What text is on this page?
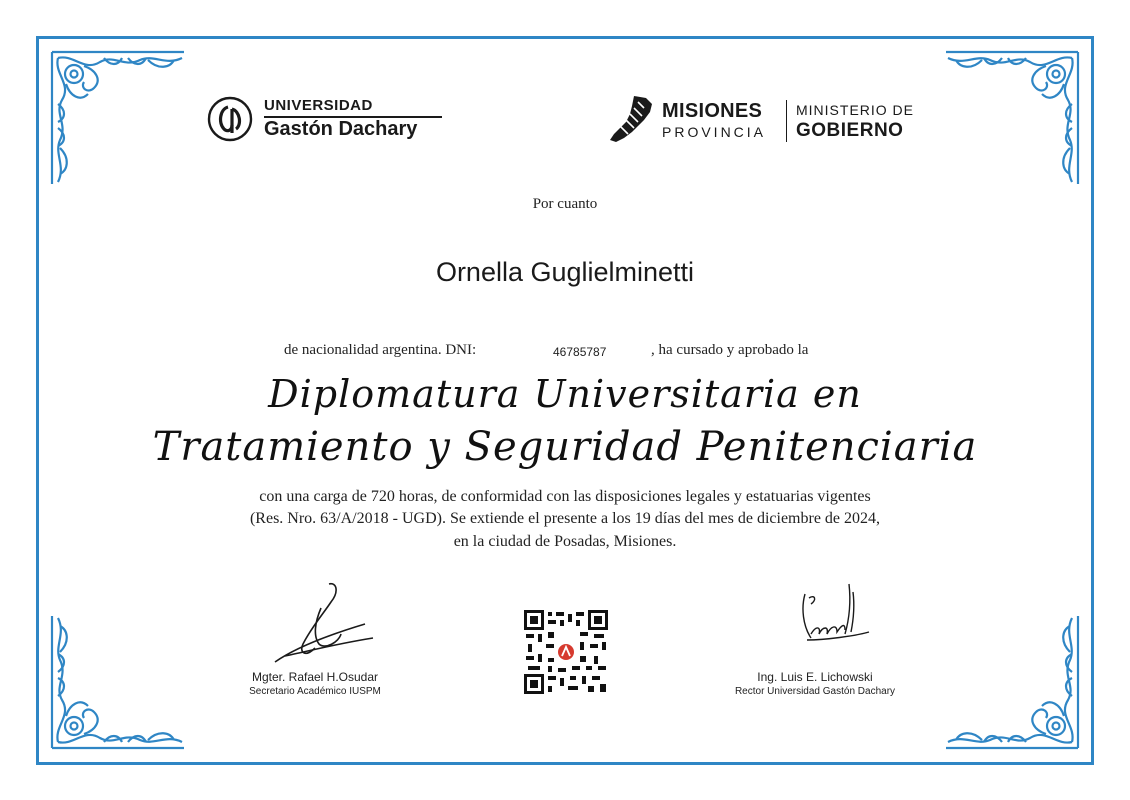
UNIVERSIDAD
Gastón Dachary
MISIONES
PROVINCIA
MINISTERIO DE
GOBIERNO
Por cuanto
Ornella Guglielminetti
de nacionalidad argentina. DNI:	46785787	, ha cursado y aprobado la
Diplomatura Universitaria en
Tratamiento y Seguridad Penitenciaria
con una carga de 720 horas, de conformidad con las disposiciones legales y estatuarias vigentes
(Res. Nro. 63/A/2018 - UGD). Se extiende el presente a los 19 días del mes de diciembre de 2024,
en la ciudad de Posadas, Misiones.
Mgter. Rafael H.Osudar
Secretario Académico IUSPM
Ing. Luis E. Lichowski
Rector Universidad Gastón Dachary
